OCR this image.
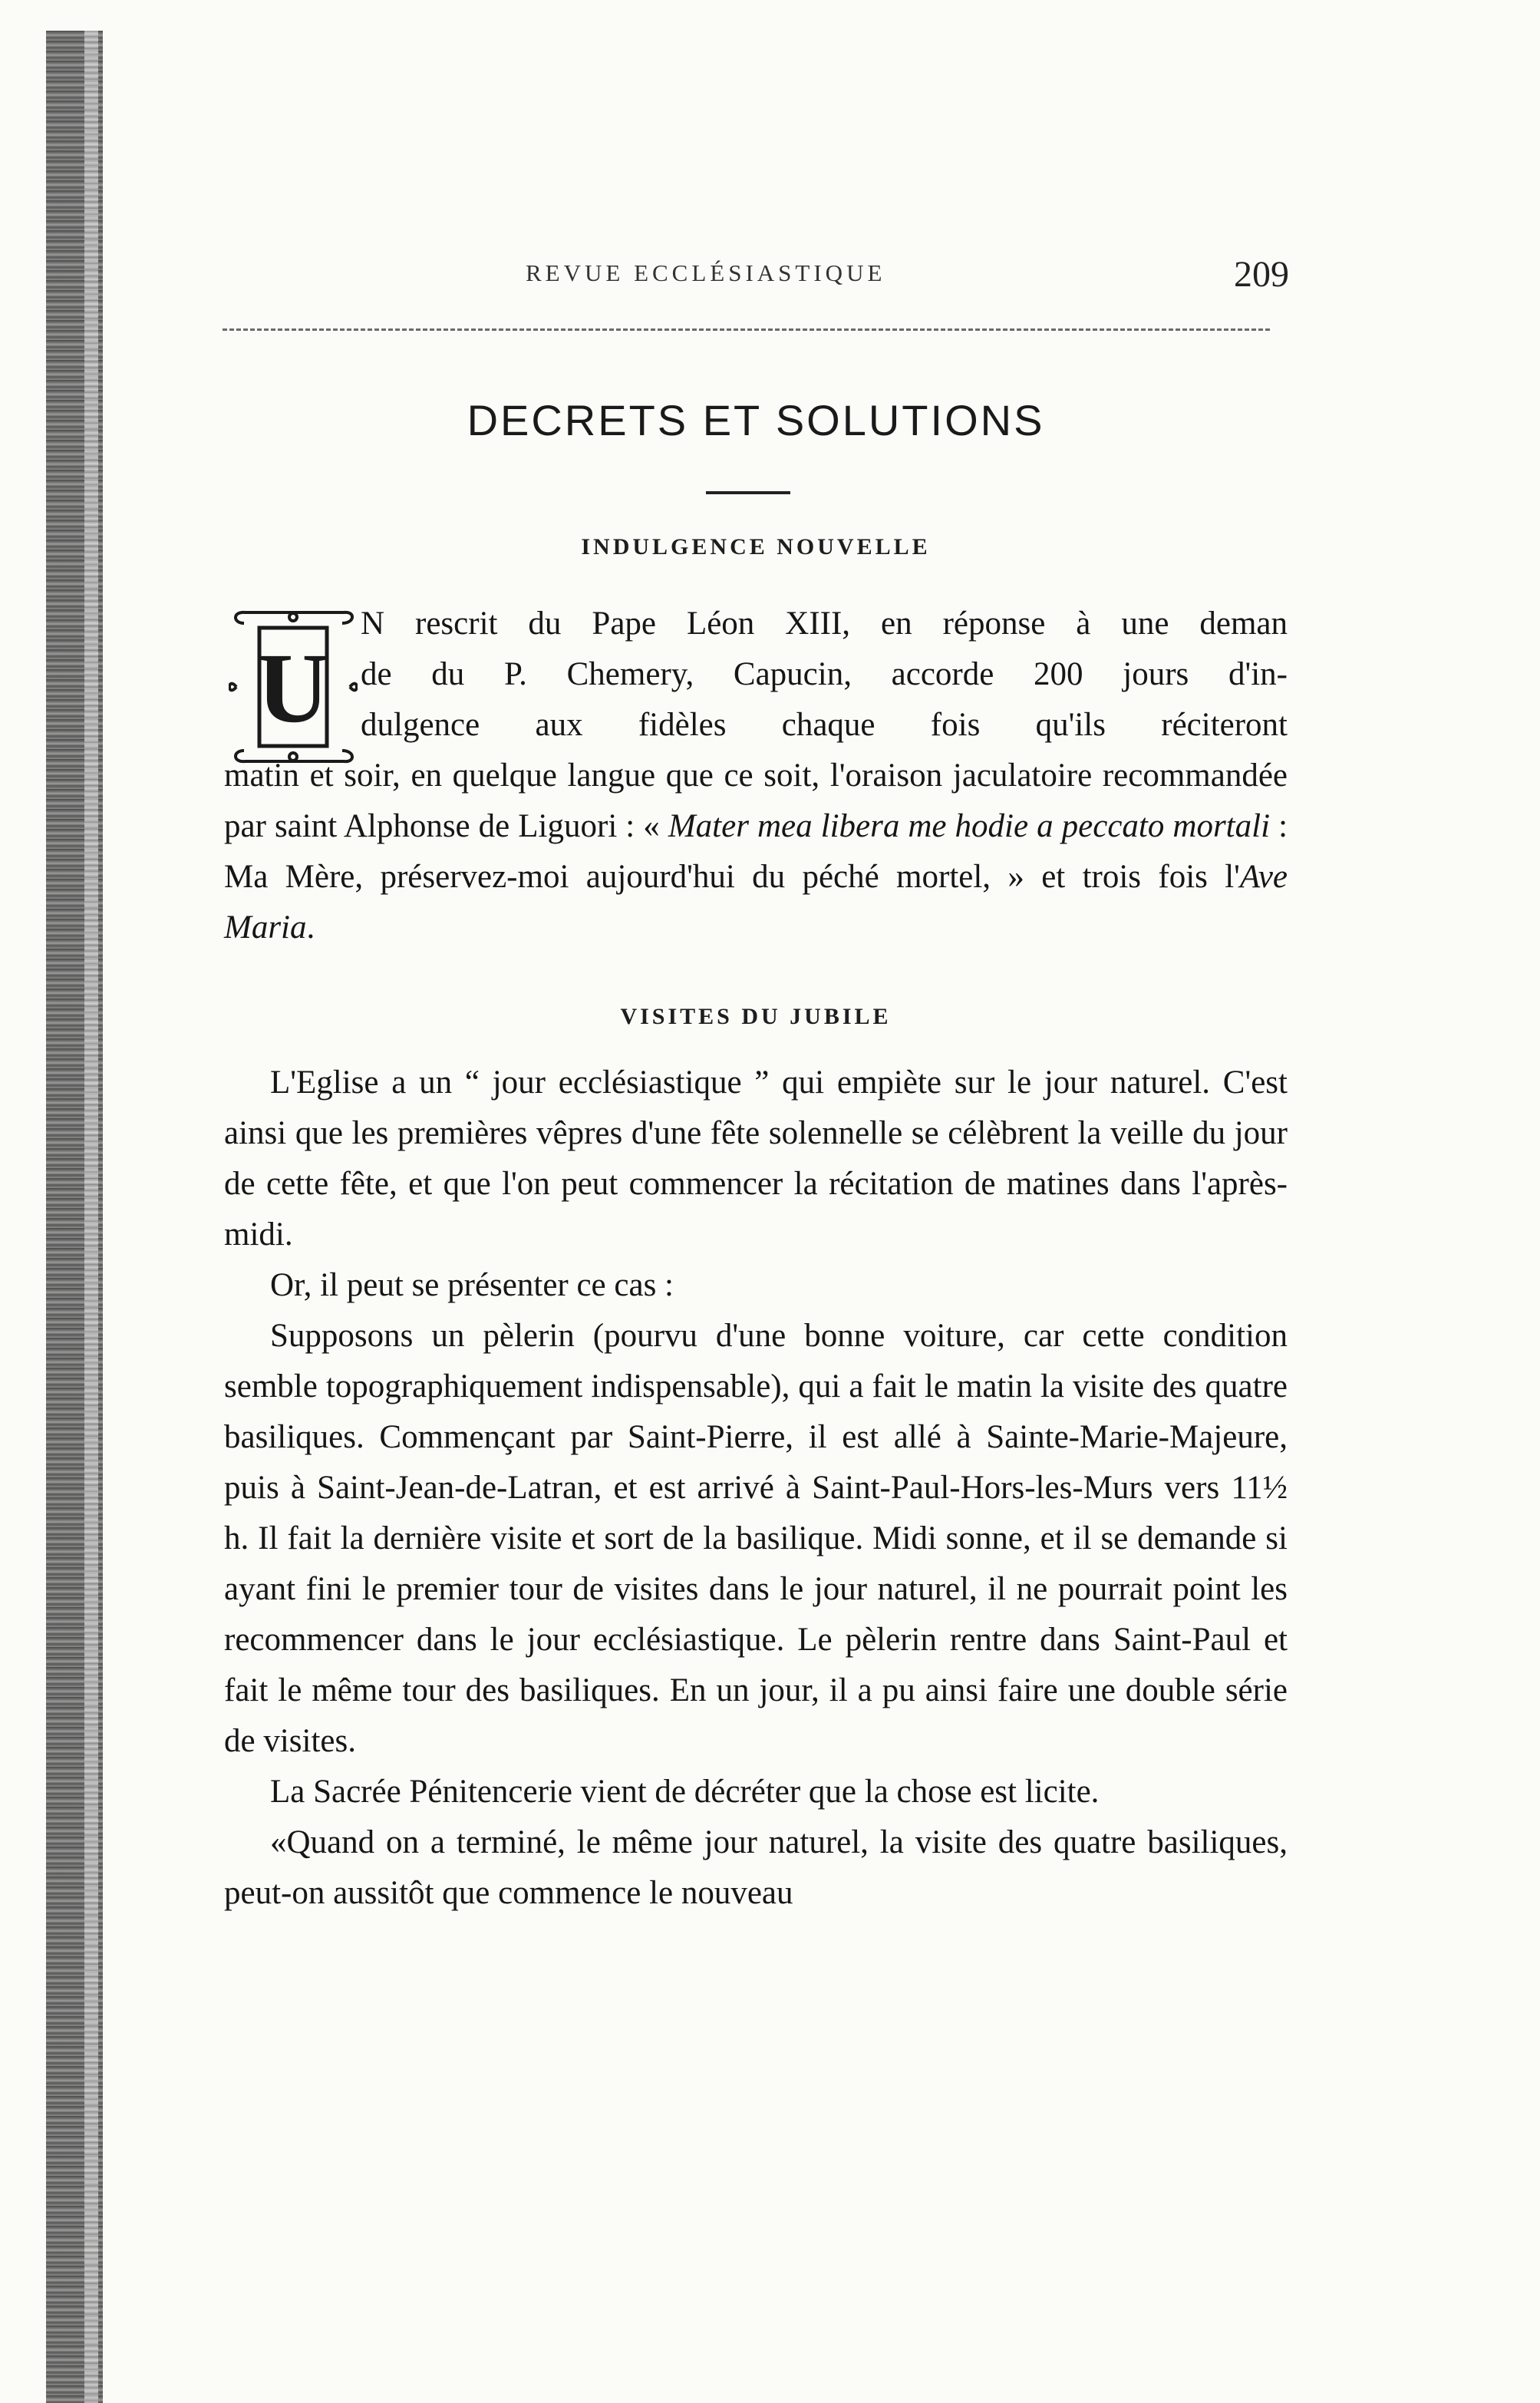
REVUE ECCLÉSIASTIQUE	209
DECRETS ET SOLUTIONS
INDULGENCE NOUVELLE
U
N rescrit du Pape Léon XIII, en réponse à une deman
de du P. Chemery, Capucin, accorde 200 jours d'in-
dulgence aux fidèles chaque fois qu'ils réciteront
matin et soir, en quelque langue que ce soit, l'oraison jaculatoire recommandée par saint Alphonse de Liguori : « Mater mea libera me hodie a peccato mortali : Ma Mère, préservez-moi aujourd'hui du péché mortel, » et trois fois l'Ave Maria.
VISITES DU JUBILE

L'Eglise a un “ jour ecclésiastique ” qui empiète sur le jour naturel. C'est ainsi que les premières vêpres d'une fête solennelle se célèbrent la veille du jour de cette fête, et que l'on peut commencer la récitation de matines dans l'après-midi.

Or, il peut se présenter ce cas :

Supposons un pèlerin (pourvu d'une bonne voiture, car cette condition semble topographiquement indispensable), qui a fait le matin la visite des quatre basiliques. Commençant par Saint-Pierre, il est allé à Sainte-Marie-Majeure, puis à Saint-Jean-de-Latran, et est arrivé à Saint-Paul-Hors-les-Murs vers 11½ h. Il fait la dernière visite et sort de la basilique. Midi sonne, et il se demande si ayant fini le premier tour de visites dans le jour naturel, il ne pourrait point les recommencer dans le jour ecclésiastique. Le pèlerin rentre dans Saint-Paul et fait le même tour des basiliques. En un jour, il a pu ainsi faire une double série de visites.

La Sacrée Pénitencerie vient de décréter que la chose est licite.

«Quand on a terminé, le même jour naturel, la visite des quatre basiliques, peut-on aussitôt que commence le nouveau
